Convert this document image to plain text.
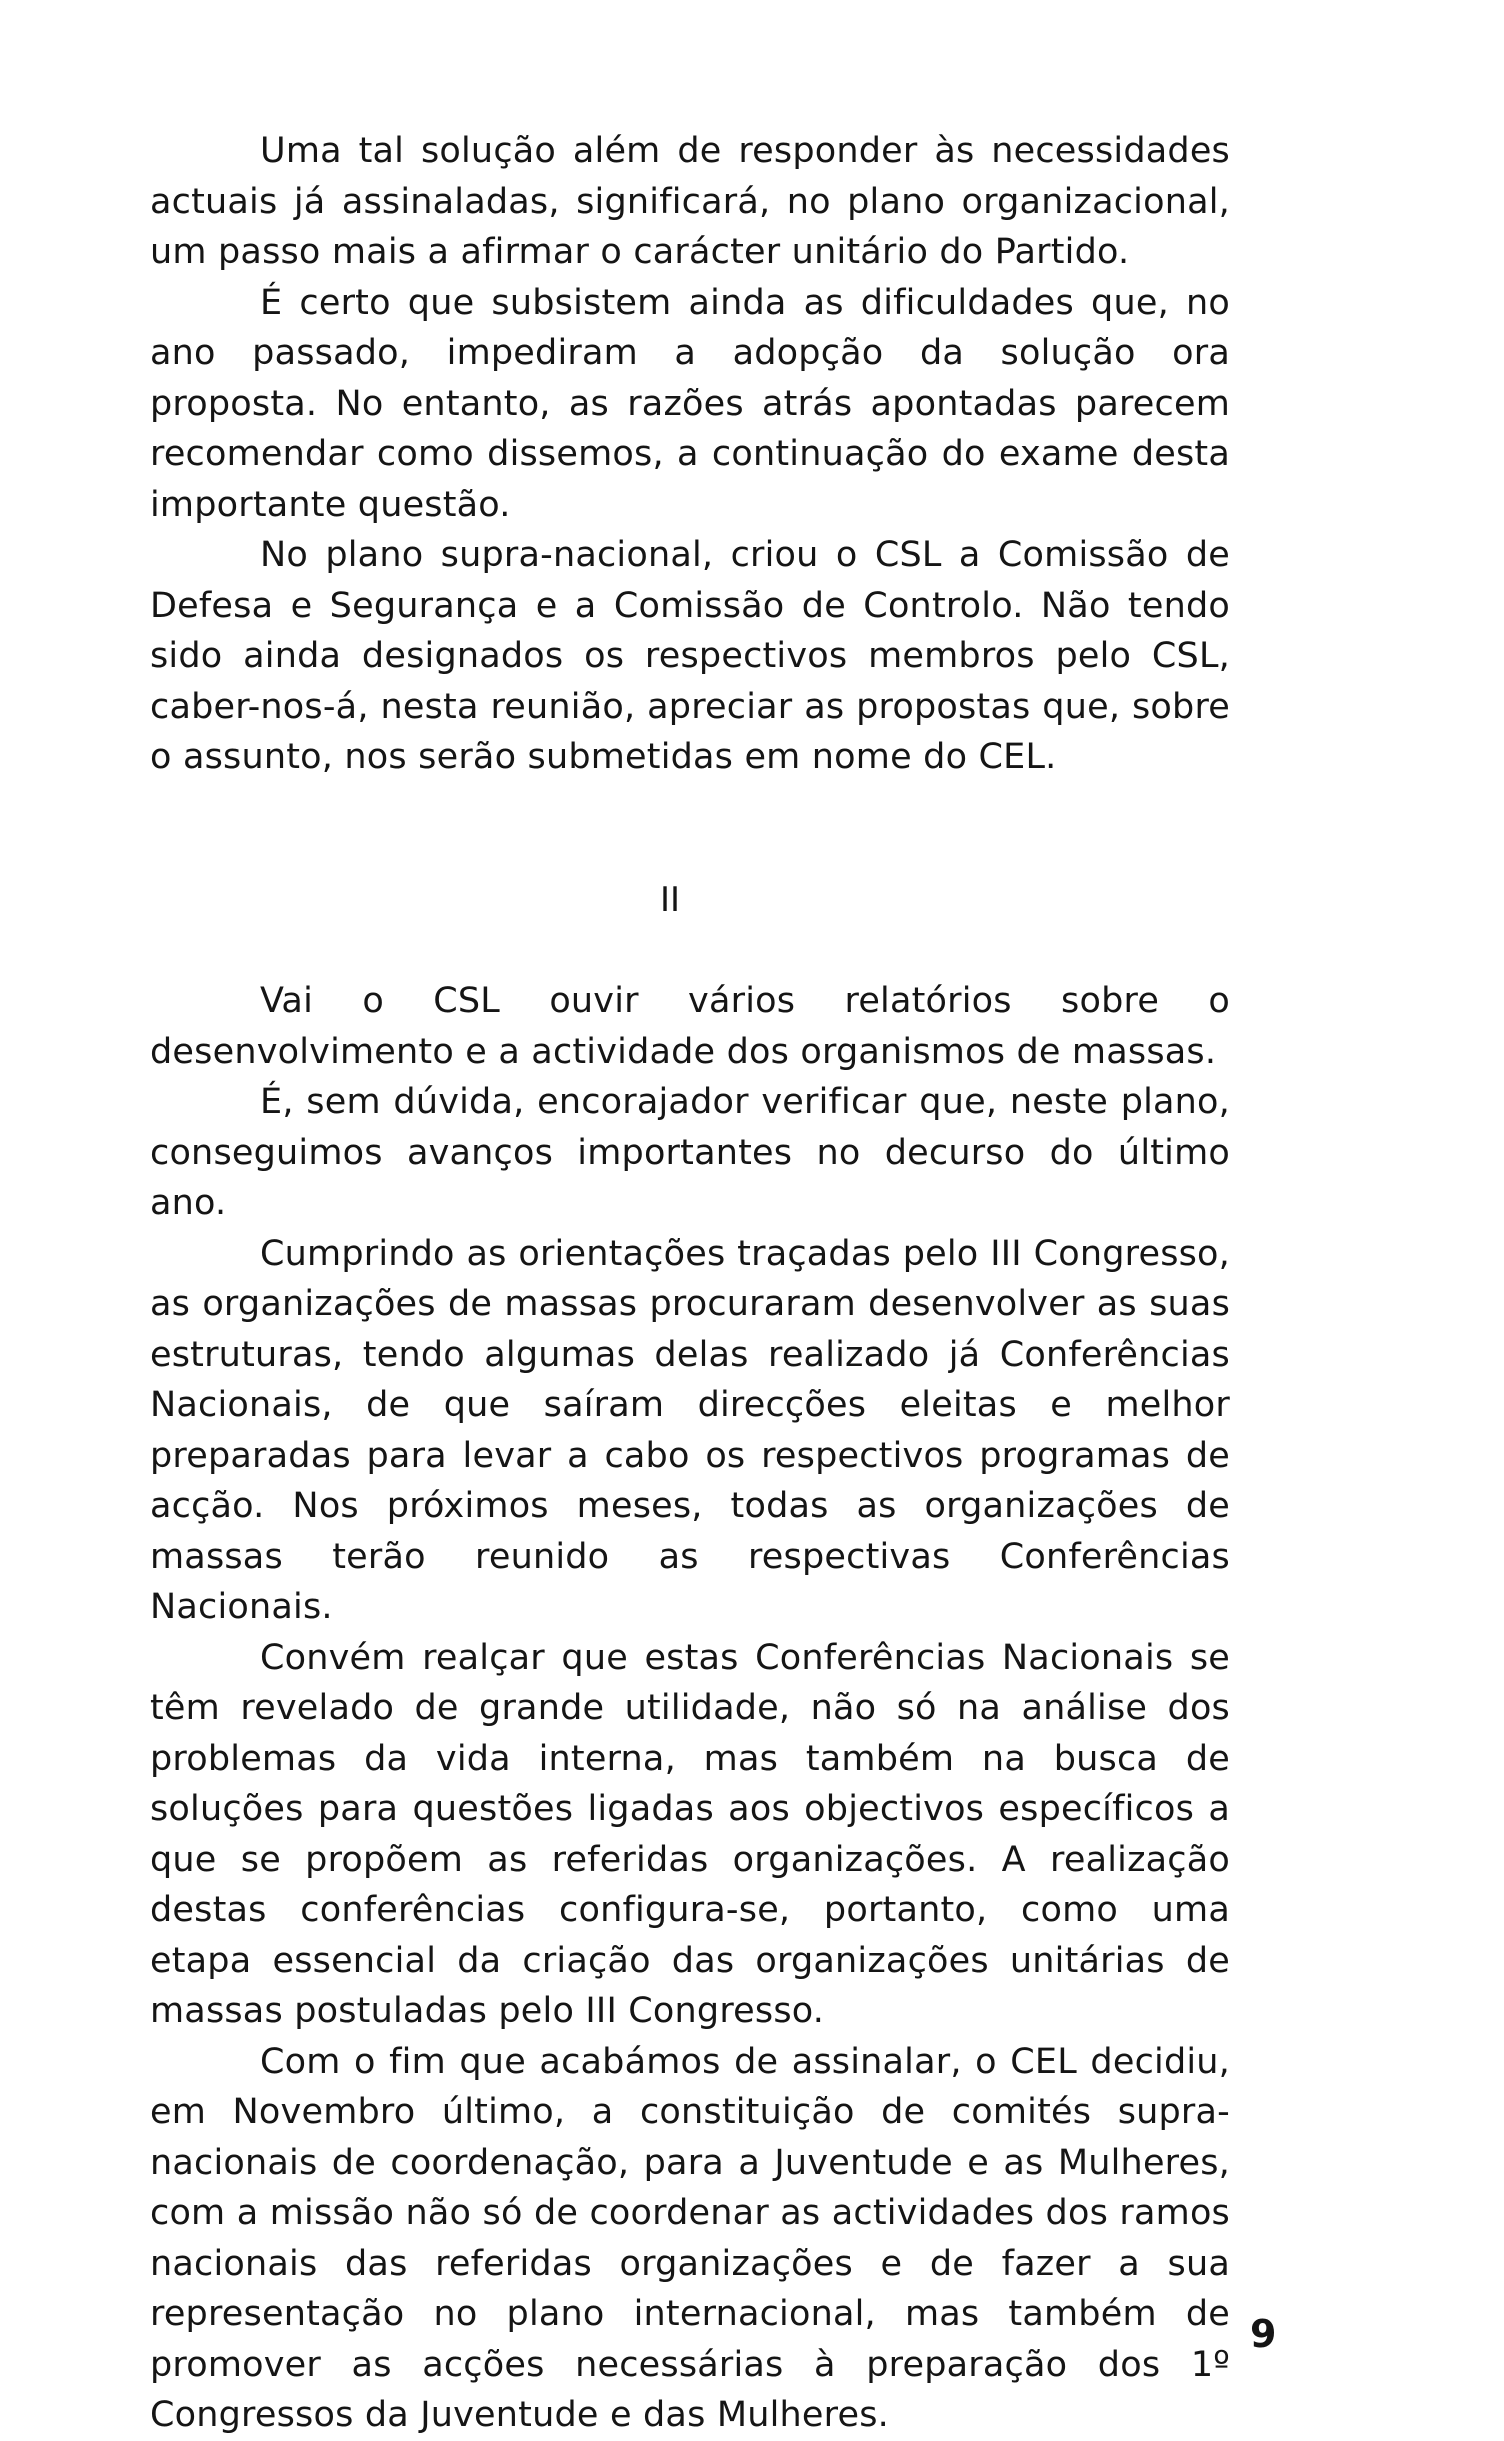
Uma tal solução além de responder às necessidades actuais já assinaladas, significará, no plano organizacional, um passo mais a afirmar o carácter unitário do Partido.

É certo que subsistem ainda as dificuldades que, no ano passado, impediram a adopção da solução ora proposta. No entanto, as razões atrás apontadas parecem recomendar como dissemos, a continuação do exame desta importante questão.

No plano supra-nacional, criou o CSL a Comissão de Defesa e Segurança e a Comissão de Controlo. Não tendo sido ainda designados os respectivos membros pelo CSL, caber-nos-á, nesta reunião, apreciar as propostas que, sobre o assunto, nos serão submetidas em nome do CEL.

II

Vai o CSL ouvir vários relatórios sobre o desenvolvimento e a actividade dos organismos de massas.

É, sem dúvida, encorajador verificar que, neste plano, conseguimos avanços importantes no decurso do último ano.

Cumprindo as orientações traçadas pelo III Congresso, as organizações de massas procuraram desenvolver as suas estruturas, tendo algumas delas realizado já Conferências Nacionais, de que saíram direcções eleitas e melhor preparadas para levar a cabo os respectivos programas de acção. Nos próximos meses, todas as organizações de massas terão reunido as respectivas Conferências Nacionais.

Convém realçar que estas Conferências Nacionais se têm revelado de grande utilidade, não só na análise dos problemas da vida interna, mas também na busca de soluções para questões ligadas aos objectivos específicos a que se propõem as referidas organizações. A realização destas conferências configura-se, portanto, como uma etapa essencial da criação das organizações unitárias de massas postuladas pelo III Congresso.

Com o fim que acabámos de assinalar, o CEL decidiu, em Novembro último, a constituição de comités supra-nacionais de coordenação, para a Juventude e as Mulheres, com a missão não só de coordenar as actividades dos ramos nacionais das referidas organizações e de fazer a sua representação no plano internacional, mas também de promover as acções necessárias à preparação dos 1º Congressos da Juventude e das Mulheres.

9
